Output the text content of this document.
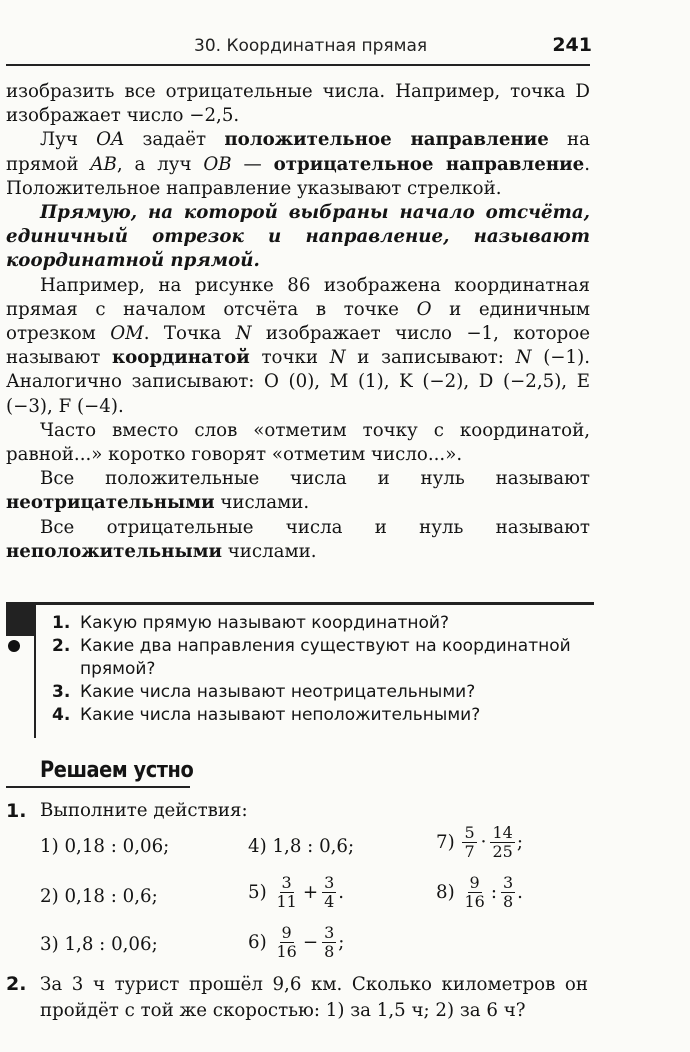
30. Координатная прямая	241

изобразить все отрицательные числа. Например, точка D изображает число −2,5.

Луч OA задаёт положительное направление на прямой AB, а луч OB — отрицательное направление. Положительное направление указывают стрелкой.

Прямую, на которой выбраны начало отсчёта, единичный отрезок и направление, называют координатной прямой.

Например, на рисунке 86 изображена координатная прямая с началом отсчёта в точке O и единичным отрезком OM. Точка N изображает число −1, которое называют координатой точки N и записывают: N (−1). Аналогично записывают: O (0), M (1), K (−2), D (−2,5), E (−3), F (−4).

Часто вместо слов «отметим точку с координатой, равной...» коротко говорят «отметим число...».

Все положительные числа и нуль называют неотрицательными числами.

Все отрицательные числа и нуль называют неположительными числами.

1. Какую прямую называют координатной?
2. Какие два направления существуют на координатной прямой?
3. Какие числа называют неотрицательными?
4. Какие числа называют неположительными?
Решаем устно
1. Выполните действия:
1)
0,18 : 0,06;
2)
0,18 : 0,6;
3)
1,8 : 0,06;
4)
1,8 : 0,6;
5)
$\frac{3}{11} + \frac{3}{4}$ .
6)
$\frac{9}{16} - \frac{3}{8}$ ;
7)
$\frac{5}{7} \cdot \frac{14}{25}$ ;
8)
$\frac{9}{16}$ : $\frac{3}{8}$ .
2. За 3 ч турист прошёл 9,6 км. Сколько километров он пройдёт с той же скоростью: 1) за 1,5 ч; 2) за 6 ч?
